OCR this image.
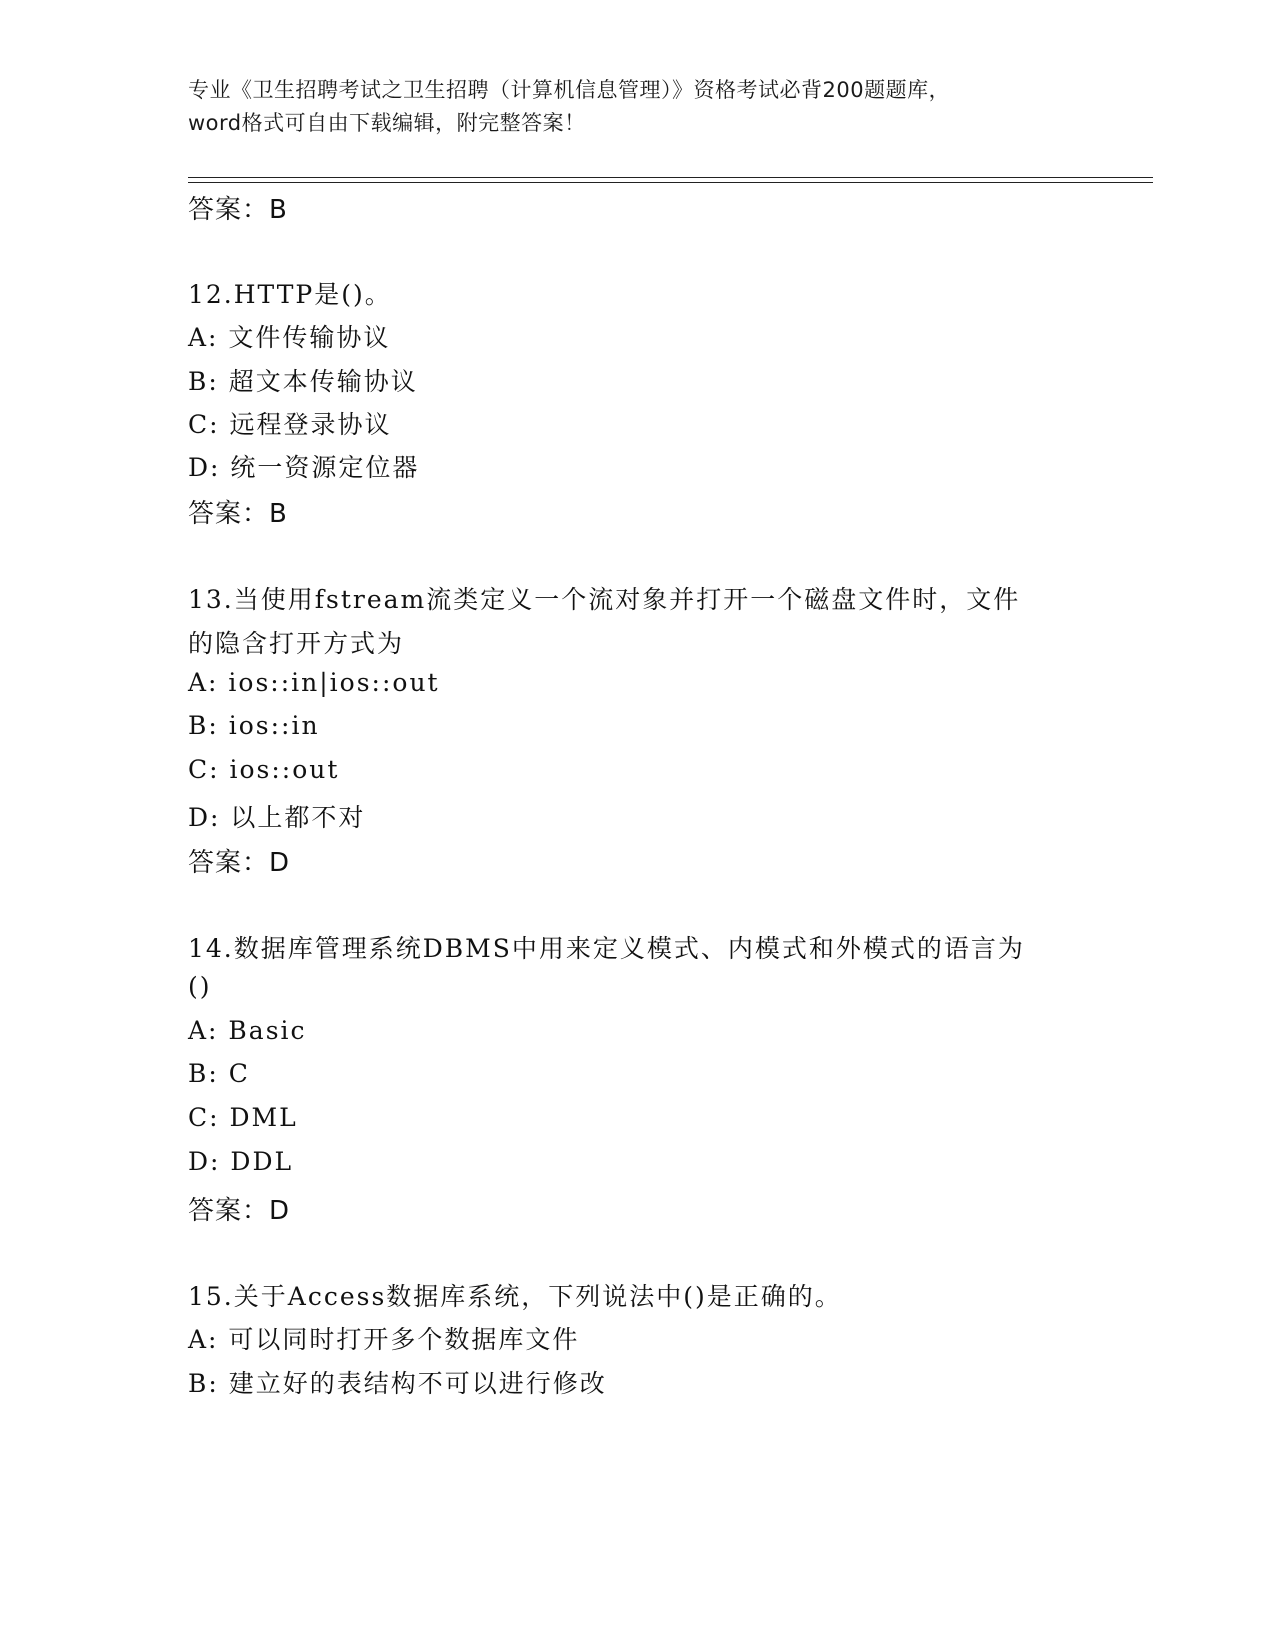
专业《卫生招聘考试之卫生招聘（计算机信息管理）》资格考试必背200题题库，
word格式可自由下载编辑，附完整答案！
答案：B
12.HTTP是()。
A: 文件传输协议
B: 超文本传输协议
C: 远程登录协议
D: 统一资源定位器
答案：B
13.当使用fstream流类定义一个流对象并打开一个磁盘文件时，文件
的隐含打开方式为
A: ios::in|ios::out
B: ios::in
C: ios::out
D: 以上都不对
答案：D
14.数据库管理系统DBMS中用来定义模式、内模式和外模式的语言为
()
A: Basic
B: C
C: DML
D: DDL
答案：D
15.关于Access数据库系统，下列说法中()是正确的。
A: 可以同时打开多个数据库文件
B: 建立好的表结构不可以进行修改
